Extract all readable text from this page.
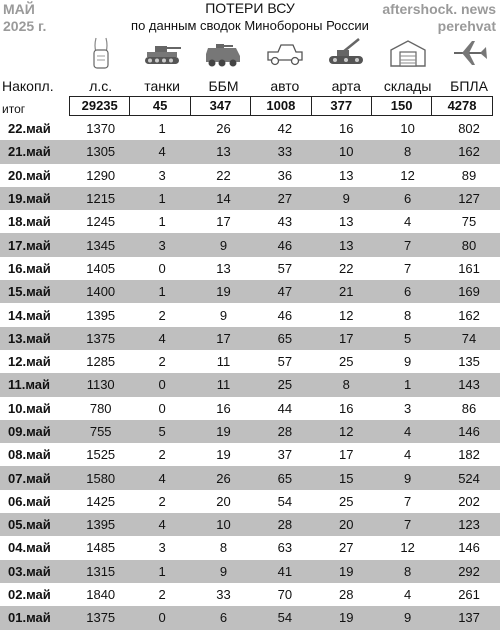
МАЙ
2025 г.
ПОТЕРИ ВСУ
по данным сводок Минобороны России
aftershock. news
perehvat
Накопл.	л.с.	танки	ББМ	авто	арта	склады	БПЛА
итог	29235	45	347	1008	377	150	4278
22.май	1370	1	26	42	16	10	802
21.май	1305	4	13	33	10	8	162
20.май	1290	3	22	36	13	12	89
19.май	1215	1	14	27	9	6	127
18.май	1245	1	17	43	13	4	75
17.май	1345	3	9	46	13	7	80
16.май	1405	0	13	57	22	7	161
15.май	1400	1	19	47	21	6	169
14.май	1395	2	9	46	12	8	162
13.май	1375	4	17	65	17	5	74
12.май	1285	2	11	57	25	9	135
11.май	1130	0	11	25	8	1	143
10.май	780	0	16	44	16	3	86
09.май	755	5	19	28	12	4	146
08.май	1525	2	19	37	17	4	182
07.май	1580	4	26	65	15	9	524
06.май	1425	2	20	54	25	7	202
05.май	1395	4	10	28	20	7	123
04.май	1485	3	8	63	27	12	146
03.май	1315	1	9	41	19	8	292
02.май	1840	2	33	70	28	4	261
01.май	1375	0	6	54	19	9	137
